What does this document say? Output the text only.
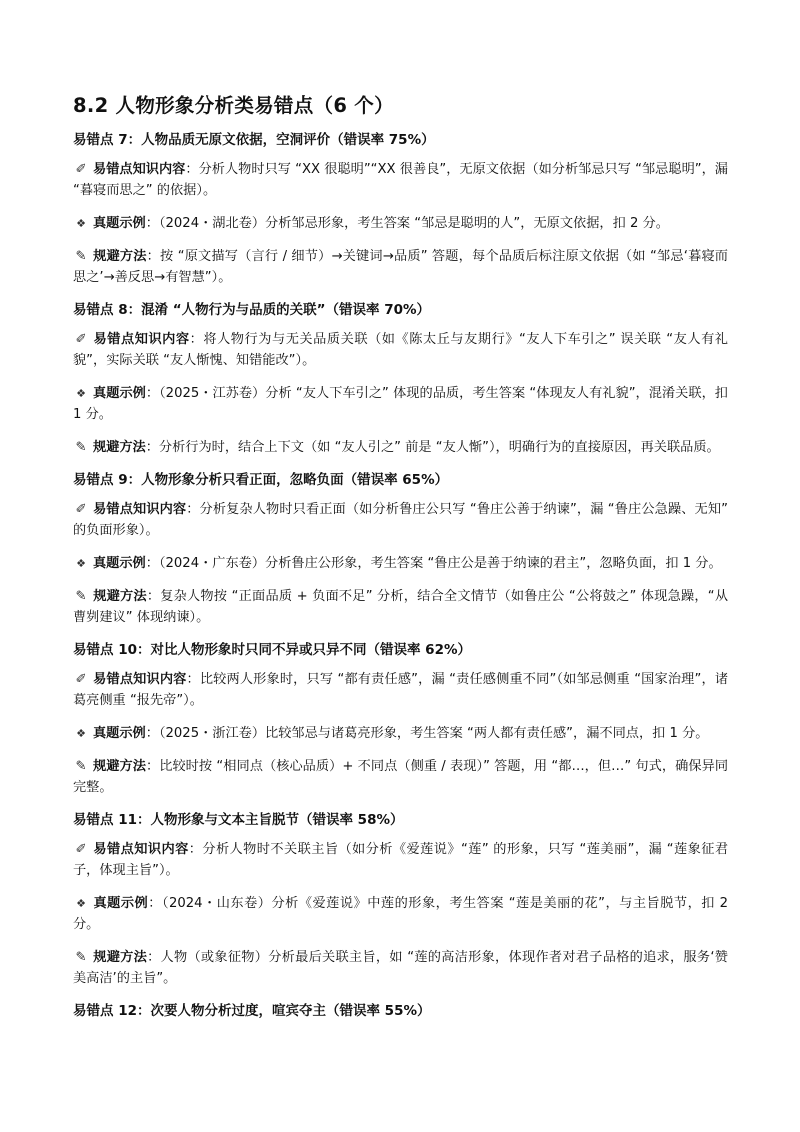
8.2 人物形象分析类易错点（6 个）
易错点 7：人物品质无原文依据，空洞评价（错误率 75%）

✐ 易错点知识内容：分析人物时只写 “XX 很聪明”“XX 很善良”，无原文依据（如分析邹忌只写 “邹忌聪明”，漏 “暮寝而思之” 的依据）。

❖ 真题示例：（2024・湖北卷）分析邹忌形象，考生答案 “邹忌是聪明的人”，无原文依据，扣 2 分。

✎ 规避方法：按 “原文描写（言行 / 细节）→关键词→品质” 答题，每个品质后标注原文依据（如 “邹忌‘暮寝而思之’→善反思→有智慧”）。

易错点 8：混淆 “人物行为与品质的关联”（错误率 70%）

✐ 易错点知识内容：将人物行为与无关品质关联（如《陈太丘与友期行》“友人下车引之” 误关联 “友人有礼貌”，实际关联 “友人惭愧、知错能改”）。

❖ 真题示例：（2025・江苏卷）分析 “友人下车引之” 体现的品质，考生答案 “体现友人有礼貌”，混淆关联，扣 1 分。

✎ 规避方法：分析行为时，结合上下文（如 “友人引之” 前是 “友人惭”），明确行为的直接原因，再关联品质。

易错点 9：人物形象分析只看正面，忽略负面（错误率 65%）

✐ 易错点知识内容：分析复杂人物时只看正面（如分析鲁庄公只写 “鲁庄公善于纳谏”，漏 “鲁庄公急躁、无知” 的负面形象）。

❖ 真题示例：（2024・广东卷）分析鲁庄公形象，考生答案 “鲁庄公是善于纳谏的君主”，忽略负面，扣 1 分。

✎ 规避方法：复杂人物按 “正面品质 + 负面不足” 分析，结合全文情节（如鲁庄公 “公将鼓之” 体现急躁，“从曹刿建议” 体现纳谏）。

易错点 10：对比人物形象时只同不异或只异不同（错误率 62%）

✐ 易错点知识内容：比较两人形象时，只写 “都有责任感”，漏 “责任感侧重不同”（如邹忌侧重 “国家治理”，诸葛亮侧重 “报先帝”）。

❖ 真题示例：（2025・浙江卷）比较邹忌与诸葛亮形象，考生答案 “两人都有责任感”，漏不同点，扣 1 分。

✎ 规避方法：比较时按 “相同点（核心品质）+ 不同点（侧重 / 表现）” 答题，用 “都…，但…” 句式，确保异同完整。

易错点 11：人物形象与文本主旨脱节（错误率 58%）

✐ 易错点知识内容：分析人物时不关联主旨（如分析《爱莲说》“莲” 的形象，只写 “莲美丽”，漏 “莲象征君子，体现主旨”）。

❖ 真题示例：（2024・山东卷）分析《爱莲说》中莲的形象，考生答案 “莲是美丽的花”，与主旨脱节，扣 2 分。

✎ 规避方法：人物（或象征物）分析最后关联主旨，如 “莲的高洁形象，体现作者对君子品格的追求，服务‘赞美高洁’的主旨”。

易错点 12：次要人物分析过度，喧宾夺主（错误率 55%）
